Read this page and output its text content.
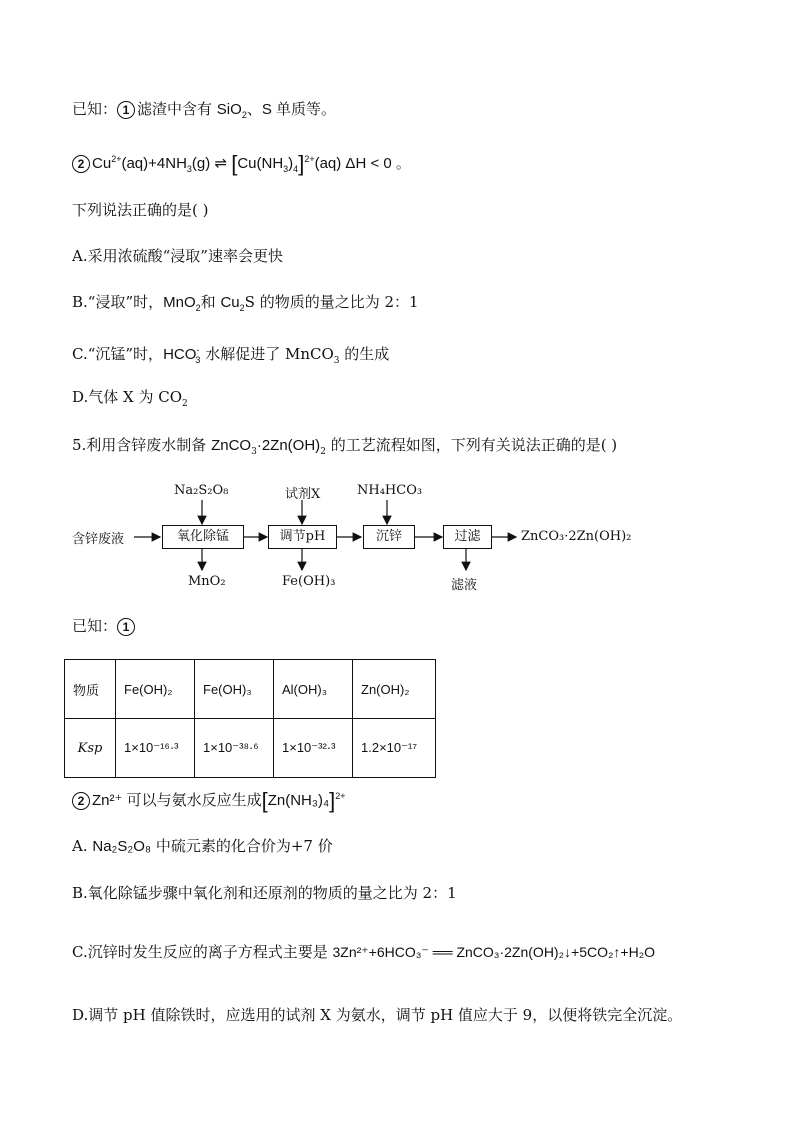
已知： 1 滤渣中含有 SiO$_2$、S 单质等。
2 $Cu^{2+}(aq)+4NH_3(g)$ ⇌ $[Cu(NH_3)_4]^{2+}(aq) \Delta H < 0$ 。
下列说法正确的是( )
A.采用浓硫酸“浸取”速率会更快
B.“浸取”时，MnO$_2$和 $Cu_2S$ 的物质的量之比为 2：1
C.“沉锰”时，$HCO^-_3$ 水解促进了 MnCO$_3$ 的生成
D.气体 X 为 $CO_2$
5.利用含锌废水制备 $ZnCO_3\cdot 2Zn(OH)_2$ 的工艺流程如图，下列有关说法正确的是( )
含锌废液	氧化除锰	调节pH	沉锌	过滤	ZnCO₃·2Zn(OH)₂
Na₂S₂O₈	试剂X	NH₄HCO₃
MnO₂	Fe(OH)₃	滤液
已知： 1
物质	Fe(OH)₂	Fe(OH)₃	Al(OH)₃	Zn(OH)₂
Ksp	1×10⁻¹⁶·³	1×10⁻³⁸·⁶	1×10⁻³²·³	1.2×10⁻¹⁷
2 Zn²⁺ 可以与氨水反应生成$[Zn(NH_3)_4]^{2+}$
A. Na₂S₂O₈ 中硫元素的化合价为+7 价
B.氧化除锰步骤中氧化剂和还原剂的物质的量之比为 2：1
C.沉锌时发生反应的离子方程式主要是 3Zn²⁺+6HCO₃⁻ ══ ZnCO₃·2Zn(OH)₂↓+5CO₂↑+H₂O
D.调节 pH 值除铁时，应选用的试剂 X 为氨水，调节 pH 值应大于 9，以便将铁完全沉淀。
